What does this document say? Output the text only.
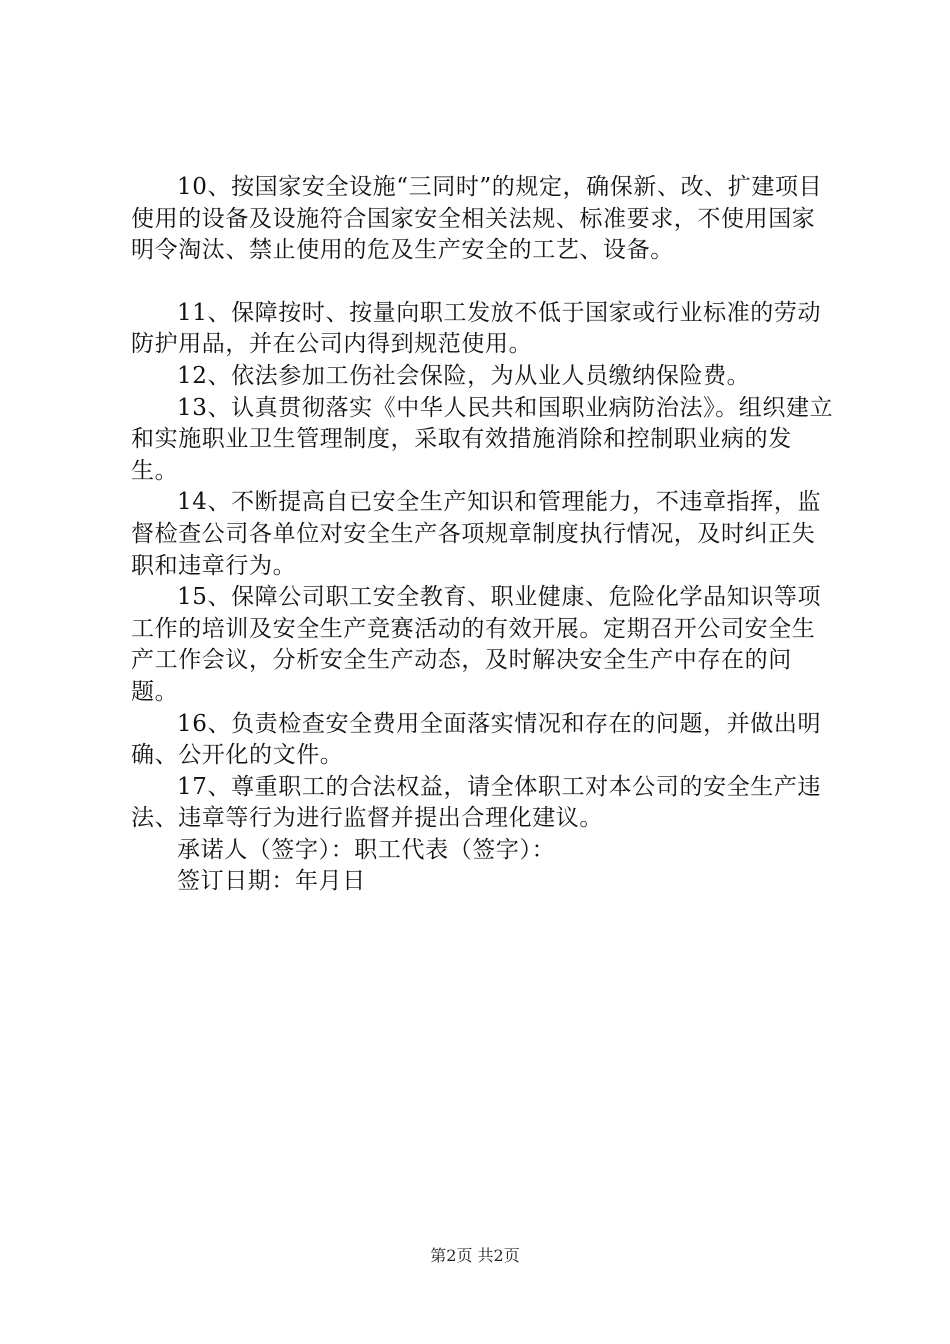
10、按国家安全设施“三同时”的规定，确保新、改、扩建项目使用的设备及设施符合国家安全相关法规、标准要求，不使用国家明令淘汰、禁止使用的危及生产安全的工艺、设备。

11、保障按时、按量向职工发放不低于国家或行业标准的劳动防护用品，并在公司内得到规范使用。

12、依法参加工伤社会保险，为从业人员缴纳保险费。

13、认真贯彻落实《中华人民共和国职业病防治法》。组织建立和实施职业卫生管理制度，采取有效措施消除和控制职业病的发生。

14、不断提高自已安全生产知识和管理能力，不违章指挥，监督检查公司各单位对安全生产各项规章制度执行情况，及时纠正失职和违章行为。

15、保障公司职工安全教育、职业健康、危险化学品知识等项工作的培训及安全生产竞赛活动的有效开展。定期召开公司安全生产工作会议，分析安全生产动态，及时解决安全生产中存在的问题。

16、负责检查安全费用全面落实情况和存在的问题，并做出明确、公开化的文件。

17、尊重职工的合法权益，请全体职工对本公司的安全生产违法、违章等行为进行监督并提出合理化建议。

承诺人（签字）：职工代表（签字）：

签订日期：年月日

第2页 共2页
